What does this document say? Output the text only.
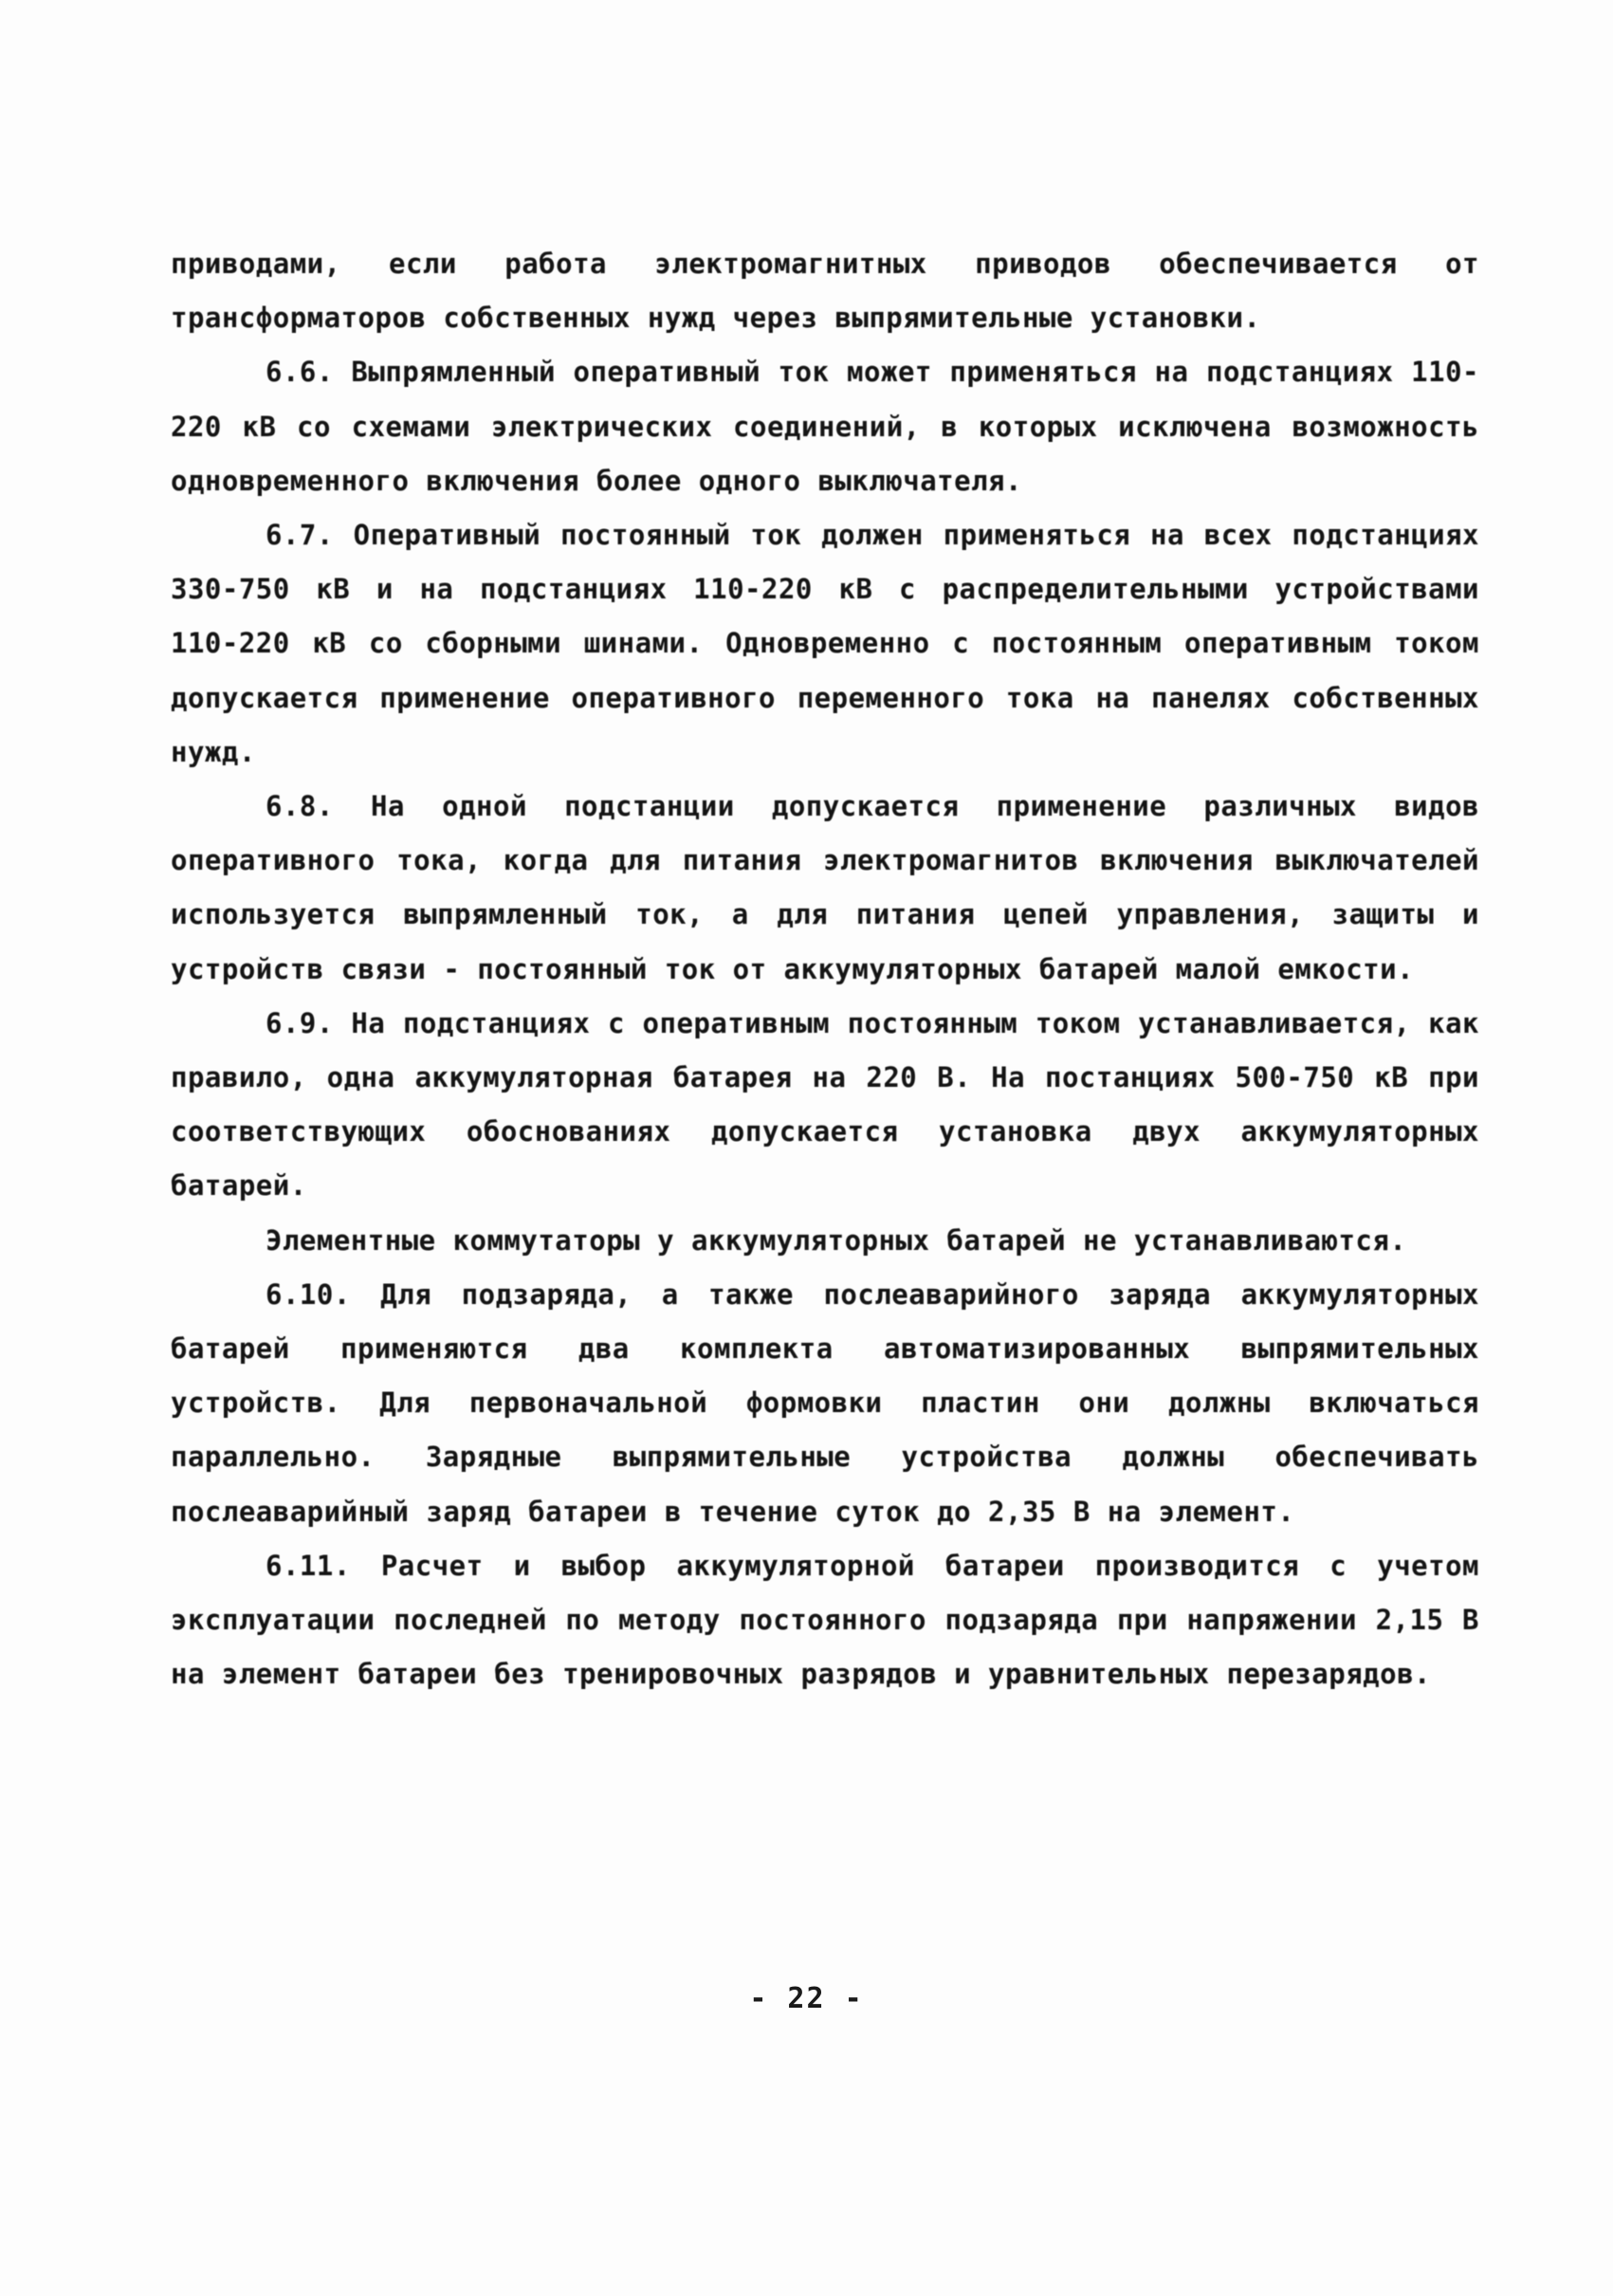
приводами, если работа электромагнитных приводов обеспечивается от трансформаторов собственных нужд через выпрямительные установки.

6.6. Выпрямленный оперативный ток может применяться на подстанциях 110-220 кВ со схемами электрических соединений, в которых исключена возможность одновременного включения более одного выключателя.

6.7. Оперативный постоянный ток должен применяться на всех подстанциях 330-750 кВ и на подстанциях 110-220 кВ с распределительными устройствами 110-220 кВ со сборными шинами. Одновременно с постоянным оперативным током допускается применение оперативного переменного тока на панелях собственных нужд.

6.8. На одной подстанции допускается применение различных видов оперативного тока, когда для питания электромагнитов включения выключателей используется выпрямленный ток, а для питания цепей управления, защиты и устройств связи - постоянный ток от аккумуляторных батарей малой емкости.

6.9. На подстанциях с оперативным постоянным током устанавливается, как правило, одна аккумуляторная батарея на 220 В. На постанциях 500-750 кВ при соответствующих обоснованиях допускается установка двух аккумуляторных батарей.

Элементные коммутаторы у аккумуляторных батарей не устанавливаются.

6.10. Для подзаряда, а также послеаварийного заряда аккумуляторных батарей применяются два комплекта автоматизированных выпрямительных устройств. Для первоначальной формовки пластин они должны включаться параллельно. Зарядные выпрямительные устройства должны обеспечивать послеаварийный заряд батареи в течение суток до 2,35 В на элемент.

6.11. Расчет и выбор аккумуляторной батареи производится с учетом эксплуатации последней по методу постоянного подзаряда при напряжении 2,15 В на элемент батареи без тренировочных разрядов и уравнительных перезарядов.

- 22 -
